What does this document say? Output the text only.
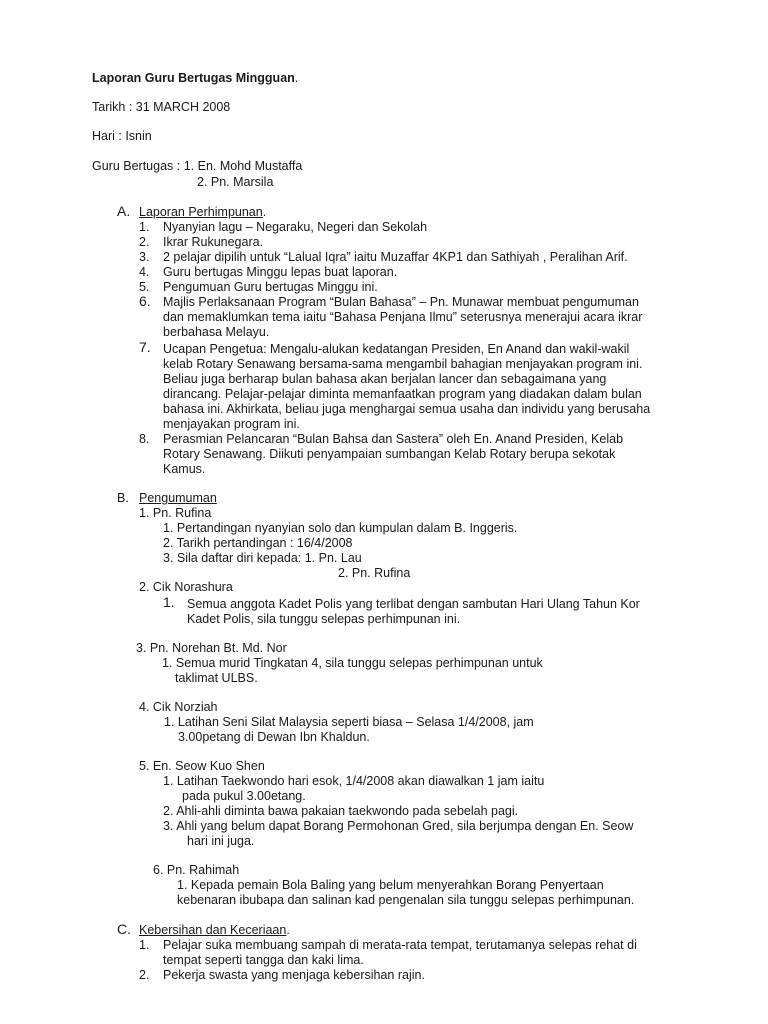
Laporan Guru Bertugas Mingguan.
Tarikh : 31 MARCH 2008
Hari : Isnin
Guru Bertugas : 1. En. Mohd Mustaffa
2. Pn. Marsila
A. Laporan Perhimpunan.
1. Nyanyian lagu – Negaraku, Negeri dan Sekolah
2. Ikrar Rukunegara.
3. 2 pelajar dipilih untuk “Lalual Iqra” iaitu Muzaffar 4KP1 dan Sathiyah , Peralihan Arif.
4. Guru bertugas Minggu lepas buat laporan.
5. Pengumuan Guru bertugas Minggu ini.
6. Majlis Perlaksanaan Program “Bulan Bahasa” – Pn. Munawar membuat pengumuman
dan memaklumkan tema iaitu “Bahasa Penjana Ilmu” seterusnya menerajui acara ikrar
berbahasa Melayu.
7. Ucapan Pengetua: Mengalu-alukan kedatangan Presiden, En Anand dan wakil-wakil
kelab Rotary Senawang bersama-sama mengambil bahagian menjayakan program ini.
Beliau juga berharap bulan bahasa akan berjalan lancer dan sebagaimana yang
dirancang. Pelajar-pelajar diminta memanfaatkan program yang diadakan dalam bulan
bahasa ini. Akhirkata, beliau juga menghargai semua usaha dan individu yang berusaha
menjayakan program ini.
8. Perasmian Pelancaran “Bulan Bahsa dan Sastera” oleh En. Anand Presiden, Kelab
Rotary Senawang. Diikuti penyampaian sumbangan Kelab Rotary berupa sekotak
Kamus.
B. Pengumuman
1. Pn. Rufina
1. Pertandingan nyanyian solo dan kumpulan dalam B. Inggeris.
2. Tarikh pertandingan : 16/4/2008
3. Sila daftar diri kepada: 1. Pn. Lau
2. Pn. Rufina
2. Cik Norashura
1. Semua anggota Kadet Polis yang terlibat dengan sambutan Hari Ulang Tahun Kor
Kadet Polis, sila tunggu selepas perhimpunan ini.
3. Pn. Norehan Bt. Md. Nor
1. Semua murid Tingkatan 4, sila tunggu selepas perhimpunan untuk
taklimat ULBS.
4. Cik Norziah
1. Latihan Seni Silat Malaysia seperti biasa – Selasa 1/4/2008, jam
3.00petang di Dewan Ibn Khaldun.
5. En. Seow Kuo Shen
1. Latihan Taekwondo hari esok, 1/4/2008 akan diawalkan 1 jam iaitu
pada pukul 3.00etang.
2. Ahli-ahli diminta bawa pakaian taekwondo pada sebelah pagi.
3. Ahli yang belum dapat Borang Permohonan Gred, sila berjumpa dengan En. Seow
hari ini juga.
6. Pn. Rahimah
1. Kepada pemain Bola Baling yang belum menyerahkan Borang Penyertaan
kebenaran ibubapa dan salinan kad pengenalan sila tunggu selepas perhimpunan.
C. Kebersihan dan Keceriaan.
1. Pelajar suka membuang sampah di merata-rata tempat, terutamanya selepas rehat di
tempat seperti tangga dan kaki lima.
2. Pekerja swasta yang menjaga kebersihan rajin.
